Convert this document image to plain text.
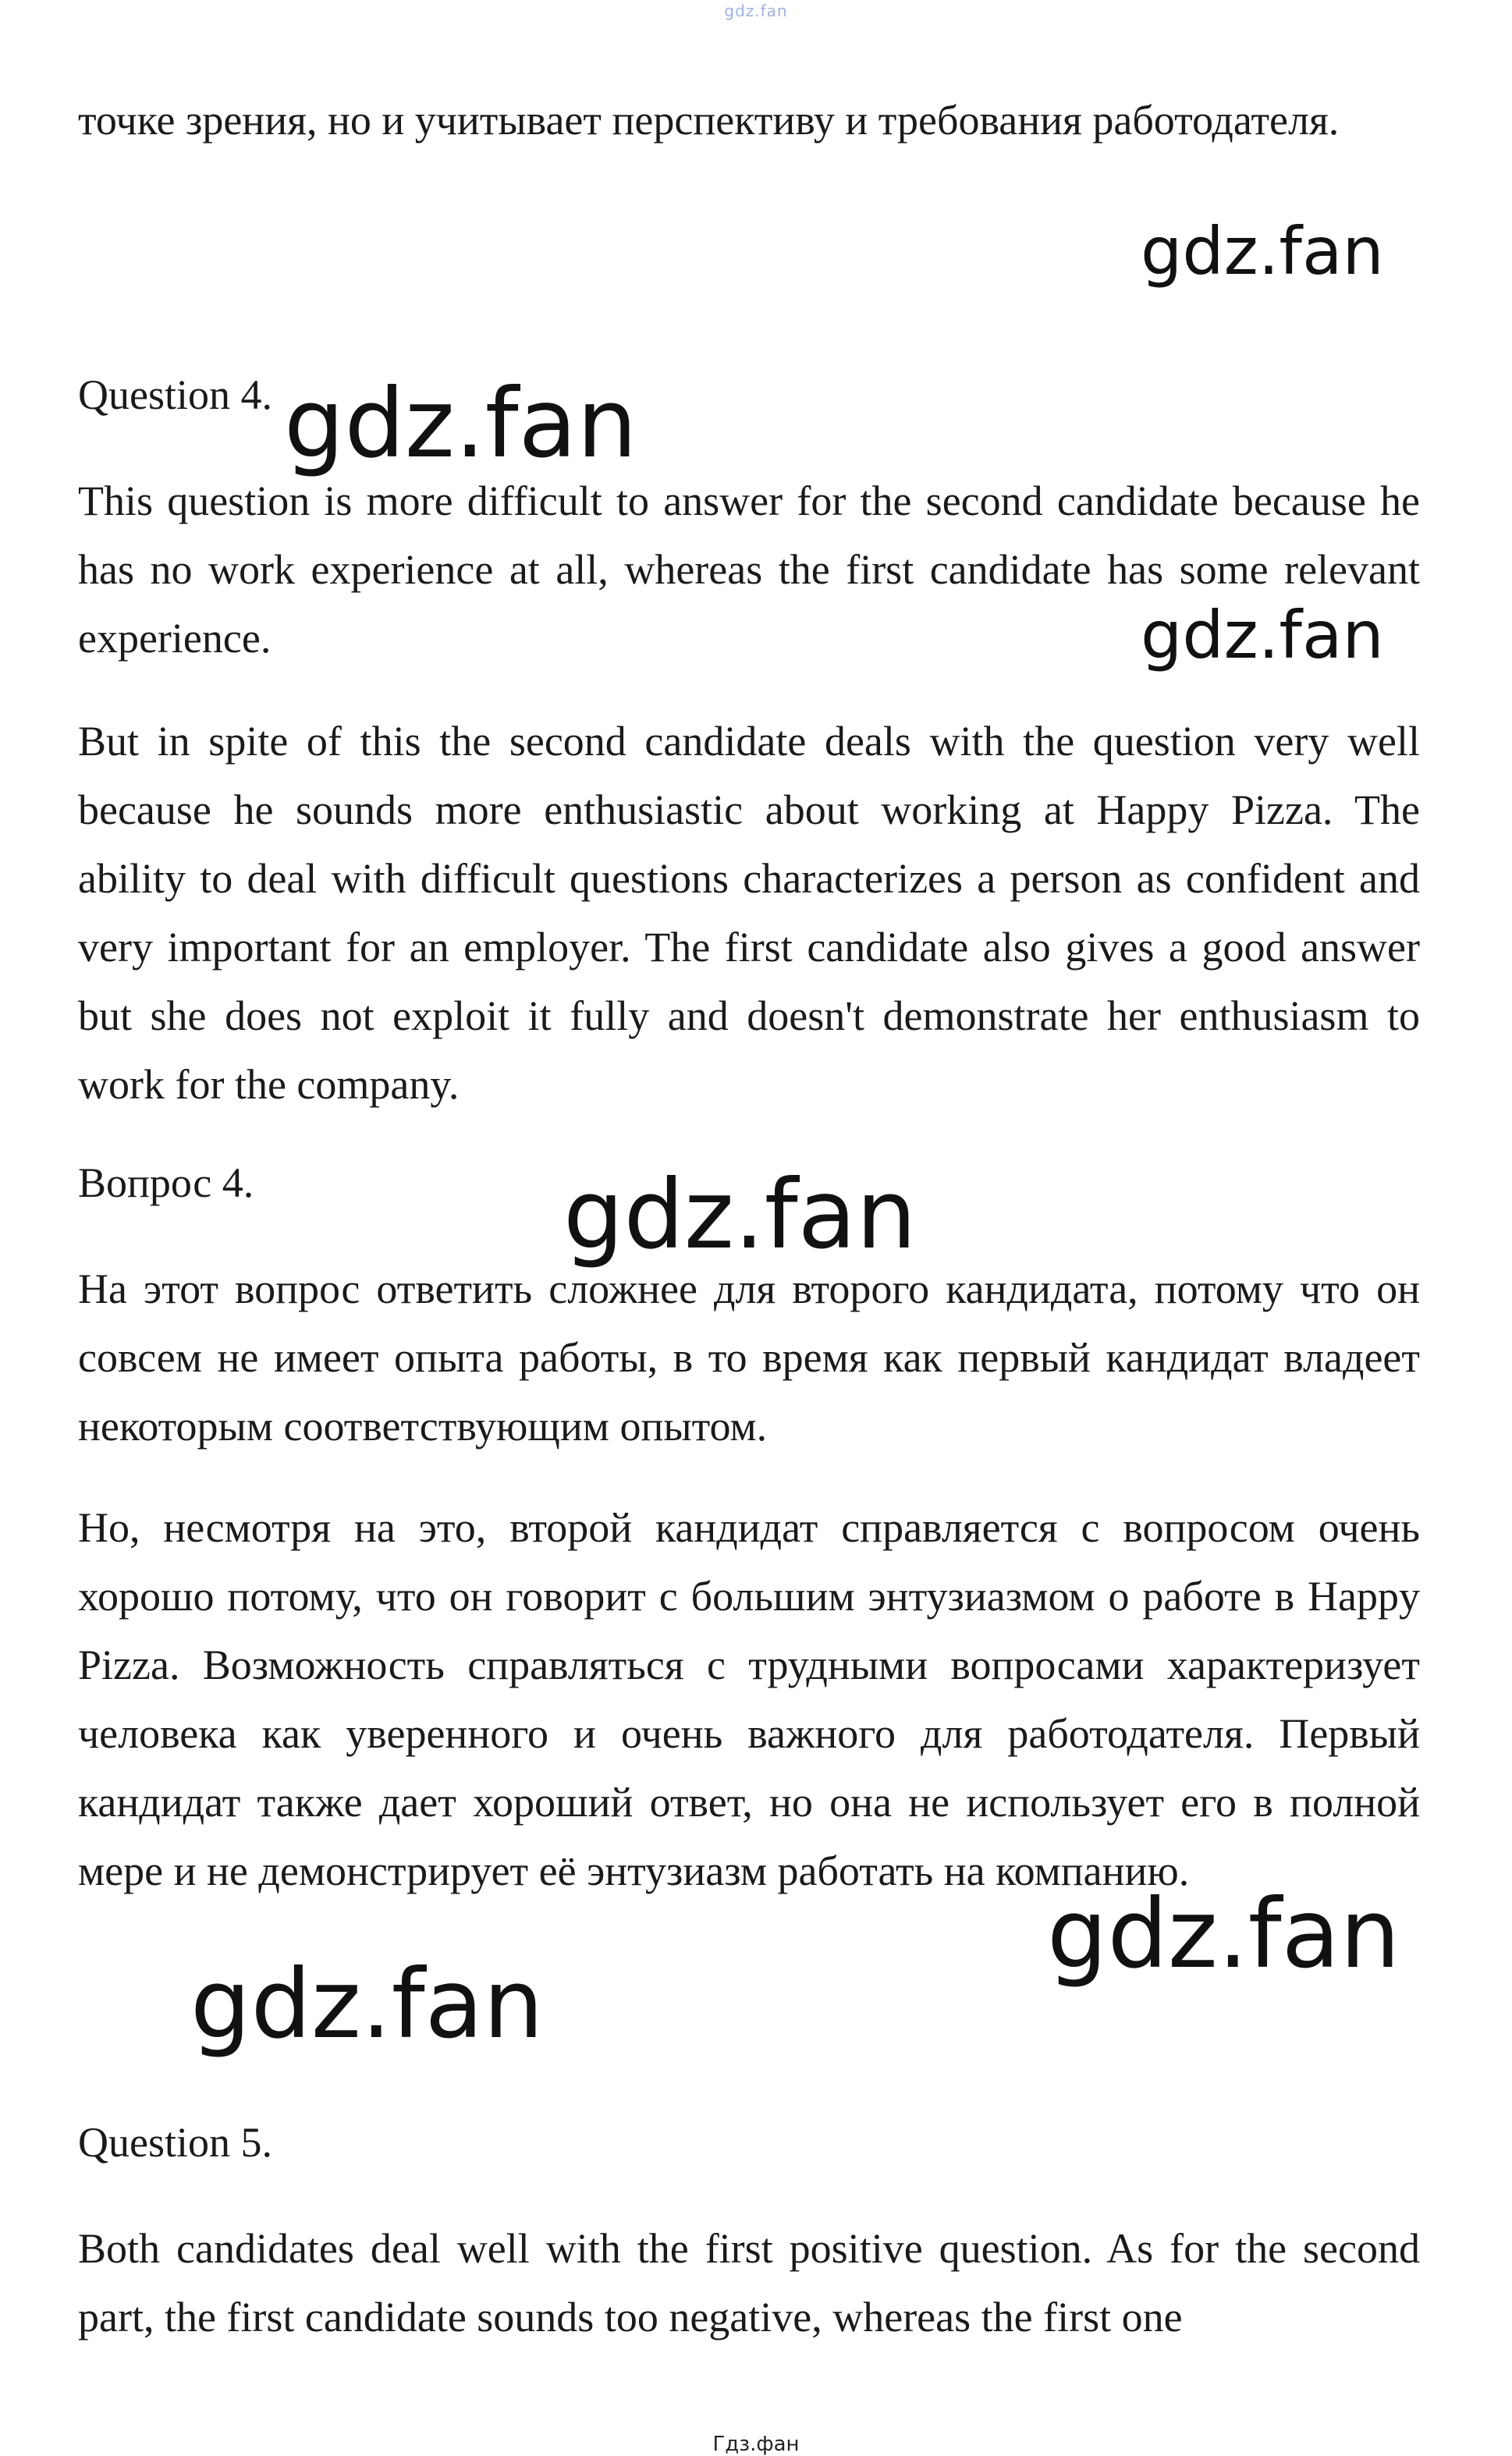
gdz.fan

точке зрения, но и учитывает перспективу и требования работодателя.

gdz.fan

Question 4. gdz.fan

This question is more difficult to answer for the second candidate because he has no work experience at all, whereas the first candidate has some relevant experience.	gdz.fan

But in spite of this the second candidate deals with the question very well because he sounds more enthusiastic about working at Happy Pizza. The ability to deal with difficult questions characterizes a person as confident and very important for an employer. The first candidate also gives a good answer but she does not exploit it fully and doesn't demonstrate her enthusiasm to work for the company.

Вопрос 4.	gdz.fan

На этот вопрос ответить сложнее для второго кандидата, потому что он совсем не имеет опыта работы, в то время как первый кандидат владеет некоторым соответствующим опытом.

Но, несмотря на это, второй кандидат справляется с вопросом очень хорошо потому, что он говорит с большим энтузиазмом о работе в Happy Pizza. Возможность справляться с трудными вопросами характеризует человека как уверенного и очень важного для работодателя. Первый кандидат также дает хороший ответ, но она не использует его в полной мере и не демонстрирует её энтузиазм работать на компанию.

gdz.fan
gdz.fan

Question 5.

Both candidates deal well with the first positive question. As for the second part, the first candidate sounds too negative, whereas the first one

Гдз.фан
